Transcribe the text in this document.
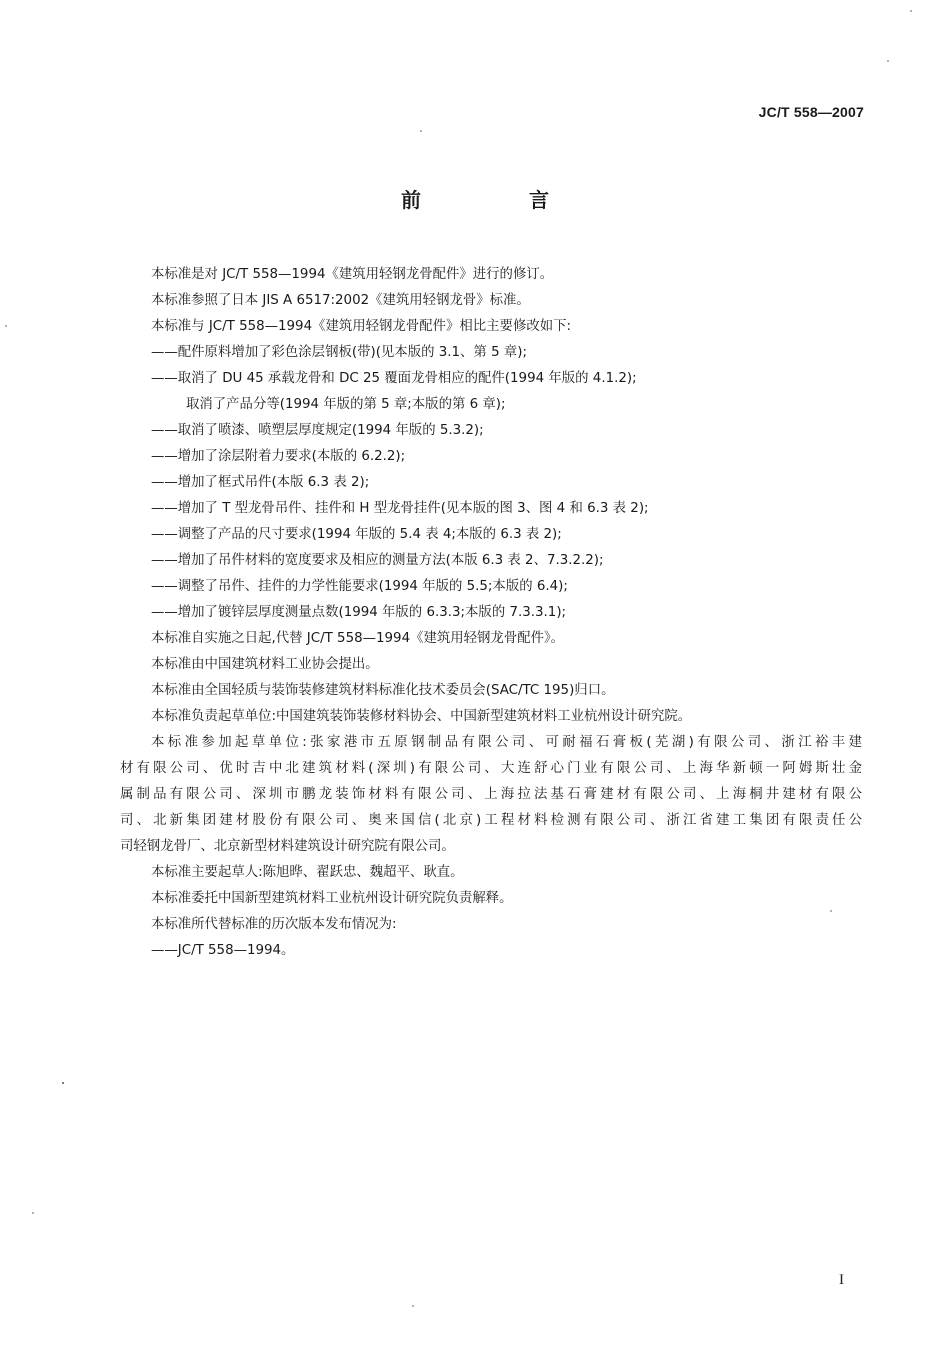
JC/T 558—2007
前　言
本标准是对 JC/T 558—1994《建筑用轻钢龙骨配件》进行的修订。
本标准参照了日本 JIS A 6517:2002《建筑用轻钢龙骨》标准。
本标准与 JC/T 558—1994《建筑用轻钢龙骨配件》相比主要修改如下:
——配件原料增加了彩色涂层钢板(带)(见本版的 3.1、第 5 章);
——取消了 DU 45 承载龙骨和 DC 25 覆面龙骨相应的配件(1994 年版的 4.1.2);
取消了产品分等(1994 年版的第 5 章;本版的第 6 章);
——取消了喷漆、喷塑层厚度规定(1994 年版的 5.3.2);
——增加了涂层附着力要求(本版的 6.2.2);
——增加了框式吊件(本版 6.3 表 2);
——增加了 T 型龙骨吊件、挂件和 H 型龙骨挂件(见本版的图 3、图 4 和 6.3 表 2);
——调整了产品的尺寸要求(1994 年版的 5.4 表 4;本版的 6.3 表 2);
——增加了吊件材料的宽度要求及相应的测量方法(本版 6.3 表 2、7.3.2.2);
——调整了吊件、挂件的力学性能要求(1994 年版的 5.5;本版的 6.4);
——增加了镀锌层厚度测量点数(1994 年版的 6.3.3;本版的 7.3.3.1);
本标准自实施之日起,代替 JC/T 558—1994《建筑用轻钢龙骨配件》。
本标准由中国建筑材料工业协会提出。
本标准由全国轻质与装饰装修建筑材料标准化技术委员会(SAC/TC 195)归口。
本标准负责起草单位:中国建筑装饰装修材料协会、中国新型建筑材料工业杭州设计研究院。
本标准参加起草单位:张家港市五原钢制品有限公司、可耐福石膏板(芜湖)有限公司、浙江裕丰建
材有限公司、优时吉中北建筑材料(深圳)有限公司、大连舒心门业有限公司、上海华新顿一阿姆斯壮金
属制品有限公司、深圳市鹏龙装饰材料有限公司、上海拉法基石膏建材有限公司、上海桐井建材有限公
司、北新集团建材股份有限公司、奥来国信(北京)工程材料检测有限公司、浙江省建工集团有限责任公
司轻钢龙骨厂、北京新型材料建筑设计研究院有限公司。
本标准主要起草人:陈旭晔、翟跃忠、魏超平、耿直。
本标准委托中国新型建筑材料工业杭州设计研究院负责解释。
本标准所代替标准的历次版本发布情况为:
——JC/T 558—1994。
I
